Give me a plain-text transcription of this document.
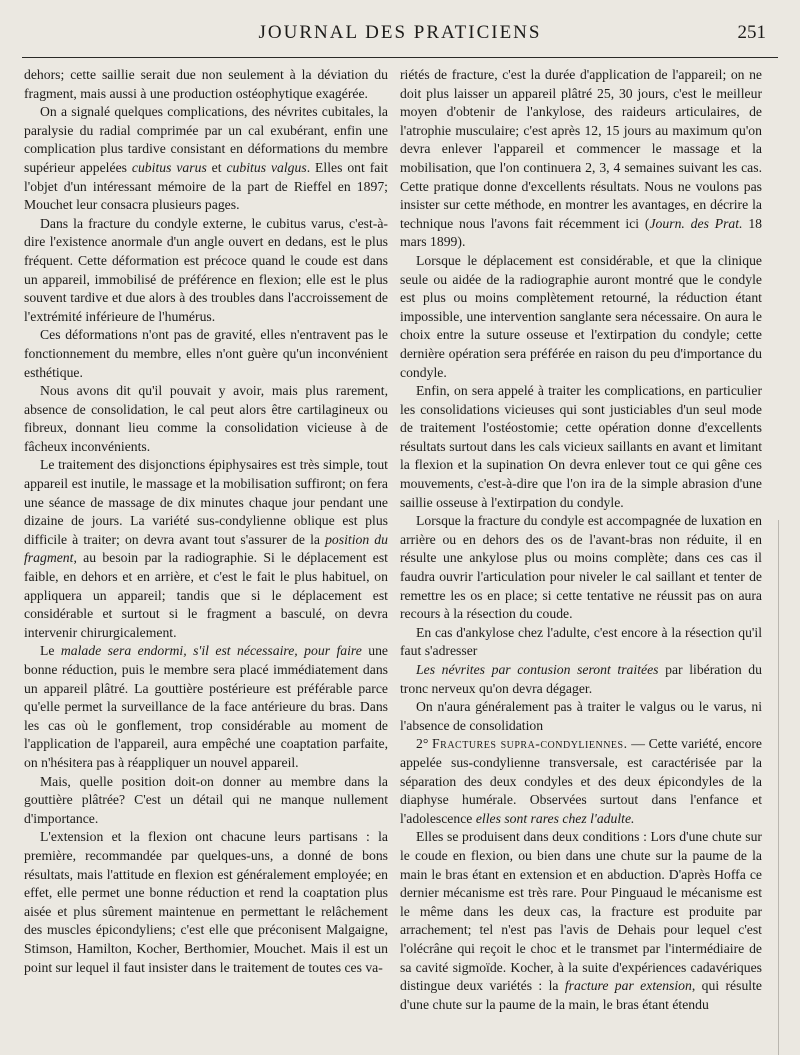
JOURNAL DES PRATICIENS	251

dehors; cette saillie serait due non seulement à la déviation du fragment, mais aussi à une production ostéophytique exagérée.

On a signalé quelques complications, des névrites cubitales, la paralysie du radial comprimée par un cal exubérant, enfin une complication plus tardive consistant en déformations du membre supérieur appelées cubitus varus et cubitus valgus. Elles ont fait l'objet d'un intéressant mémoire de la part de Rieffel en 1897; Mouchet leur consacra plusieurs pages.

Dans la fracture du condyle externe, le cubitus varus, c'est-à-dire l'existence anormale d'un angle ouvert en dedans, est le plus fréquent. Cette déformation est précoce quand le coude est dans un appareil, immobilisé de préférence en flexion; elle est le plus souvent tardive et due alors à des troubles dans l'accroissement de l'extrémité inférieure de l'humérus.

Ces déformations n'ont pas de gravité, elles n'entravent pas le fonctionnement du membre, elles n'ont guère qu'un inconvénient esthétique.

Nous avons dit qu'il pouvait y avoir, mais plus rarement, absence de consolidation, le cal peut alors être cartilagineux ou fibreux, donnant lieu comme la consolidation vicieuse à de fâcheux inconvénients.

Le traitement des disjonctions épiphysaires est très simple, tout appareil est inutile, le massage et la mobilisation suffiront; on fera une séance de massage de dix minutes chaque jour pendant une dizaine de jours. La variété sus-condylienne oblique est plus difficile à traiter; on devra avant tout s'assurer de la position du fragment, au besoin par la radiographie. Si le déplacement est faible, en dehors et en arrière, et c'est le fait le plus habituel, on appliquera un appareil; tandis que si le déplacement est considérable et surtout si le fragment a basculé, on devra intervenir chirurgicalement.

Le malade sera endormi, s'il est nécessaire, pour faire une bonne réduction, puis le membre sera placé immédiatement dans un appareil plâtré. La gouttière postérieure est préférable parce qu'elle permet la surveillance de la face antérieure du bras. Dans les cas où le gonflement, trop considérable au moment de l'application de l'appareil, aura empêché une coaptation parfaite, on n'hésitera pas à réappliquer un nouvel appareil.

Mais, quelle position doit-on donner au membre dans la gouttière plâtrée? C'est un détail qui ne manque nullement d'importance.

L'extension et la flexion ont chacune leurs partisans : la première, recommandée par quelques-uns, a donné de bons résultats, mais l'attitude en flexion est généralement employée; en effet, elle permet une bonne réduction et rend la coaptation plus aisée et plus sûrement maintenue en permettant le relâchement des muscles épicondyliens; c'est elle que préconisent Malgaigne, Stimson, Hamilton, Kocher, Berthomier, Mouchet. Mais il est un point sur lequel il faut insister dans le traitement de toutes ces va-

riétés de fracture, c'est la durée d'application de l'appareil; on ne doit plus laisser un appareil plâtré 25, 30 jours, c'est le meilleur moyen d'obtenir de l'ankylose, des raideurs articulaires, de l'atrophie musculaire; c'est après 12, 15 jours au maximum qu'on devra enlever l'appareil et commencer le massage et la mobilisation, que l'on continuera 2, 3, 4 semaines suivant les cas. Cette pratique donne d'excellents résultats. Nous ne voulons pas insister sur cette méthode, en montrer les avantages, en décrire la technique nous l'avons fait récemment ici (Journ. des Prat. 18 mars 1899).

Lorsque le déplacement est considérable, et que la clinique seule ou aidée de la radiographie auront montré que le condyle est plus ou moins complètement retourné, la réduction étant impossible, une intervention sanglante sera nécessaire. On aura le choix entre la suture osseuse et l'extirpation du condyle; cette dernière opération sera préférée en raison du peu d'importance du condyle.

Enfin, on sera appelé à traiter les complications, en particulier les consolidations vicieuses qui sont justiciables d'un seul mode de traitement l'ostéostomie; cette opération donne d'excellents résultats surtout dans les cals vicieux saillants en avant et limitant la flexion et la supination On devra enlever tout ce qui gêne ces mouvements, c'est-à-dire que l'on ira de la simple abrasion d'une saillie osseuse à l'extirpation du condyle.

Lorsque la fracture du condyle est accompagnée de luxation en arrière ou en dehors des os de l'avant-bras non réduite, il en résulte une ankylose plus ou moins complète; dans ces cas il faudra ouvrir l'articulation pour niveler le cal saillant et tenter de remettre les os en place; si cette tentative ne réussit pas on aura recours à la résection du coude.

En cas d'ankylose chez l'adulte, c'est encore à la résection qu'il faut s'adresser

Les névrites par contusion seront traitées par libération du tronc nerveux qu'on devra dégager.

On n'aura généralement pas à traiter le valgus ou le varus, ni l'absence de consolidation

2° Fractures supra-condyliennes. — Cette variété, encore appelée sus-condylienne transversale, est caractérisée par la séparation des deux condyles et des deux épicondyles de la diaphyse humérale. Observées surtout dans l'enfance et l'adolescence elles sont rares chez l'adulte.

Elles se produisent dans deux conditions : Lors d'une chute sur le coude en flexion, ou bien dans une chute sur la paume de la main le bras étant en extension et en abduction. D'après Hoffa ce dernier mécanisme est très rare. Pour Pinguaud le mécanisme est le même dans les deux cas, la fracture est produite par arrachement; tel n'est pas l'avis de Dehais pour lequel c'est l'olécrâne qui reçoit le choc et le transmet par l'intermédiaire de sa cavité sigmoïde. Kocher, à la suite d'expériences cadavériques distingue deux variétés : la fracture par extension, qui résulte d'une chute sur la paume de la main, le bras étant étendu
